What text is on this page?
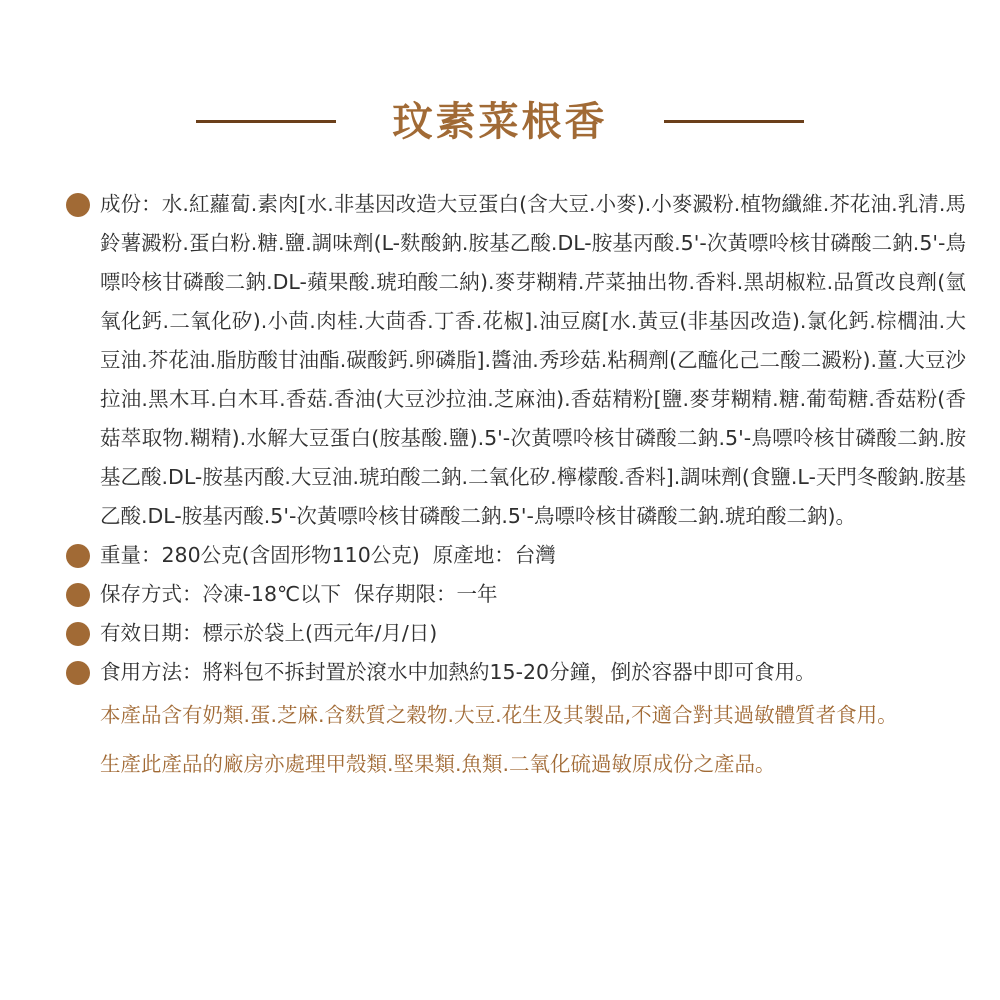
玟素菜根香
成份：水.紅蘿蔔.素肉[水.非基因改造大豆蛋白(含大豆.小麥).小麥澱粉.植物纖維.芥花油.乳清.馬鈴薯澱粉.蛋白粉.糖.鹽.調味劑(L-麩酸鈉.胺基乙酸.DL-胺基丙酸.5'-次黃嘌呤核甘磷酸二鈉.5'-鳥嘌呤核甘磷酸二鈉.DL-蘋果酸.琥珀酸二納).麥芽糊精.芹菜抽出物.香料.黑胡椒粒.品質改良劑(氫氧化鈣.二氧化矽).小茴.肉桂.大茴香.丁香.花椒].油豆腐[水.黃豆(非基因改造).氯化鈣.棕櫚油.大豆油.芥花油.脂肪酸甘油酯.碳酸鈣.卵磷脂].醬油.秀珍菇.粘稠劑(乙醯化己二酸二澱粉).薑.大豆沙拉油.黑木耳.白木耳.香菇.香油(大豆沙拉油.芝麻油).香菇精粉[鹽.麥芽糊精.糖.葡萄糖.香菇粉(香菇萃取物.糊精).水解大豆蛋白(胺基酸.鹽).5'-次黃嘌呤核甘磷酸二鈉.5'-鳥嘌呤核甘磷酸二鈉.胺基乙酸.DL-胺基丙酸.大豆油.琥珀酸二鈉.二氧化矽.檸檬酸.香料].調味劑(食鹽.L-天門冬酸鈉.胺基乙酸.DL-胺基丙酸.5'-次黃嘌呤核甘磷酸二鈉.5'-鳥嘌呤核甘磷酸二鈉.琥珀酸二鈉)。
重量：280公克(含固形物110公克)  原產地：台灣
保存方式：冷凍-18℃以下  保存期限：一年
有效日期：標示於袋上(西元年/月/日)
食用方法：將料包不拆封置於滾水中加熱約15-20分鐘，倒於容器中即可食用。
本產品含有奶類.蛋.芝麻.含麩質之穀物.大豆.花生及其製品,不適合對其過敏體質者食用。
生產此產品的廠房亦處理甲殼類.堅果類.魚類.二氧化硫過敏原成份之產品。
